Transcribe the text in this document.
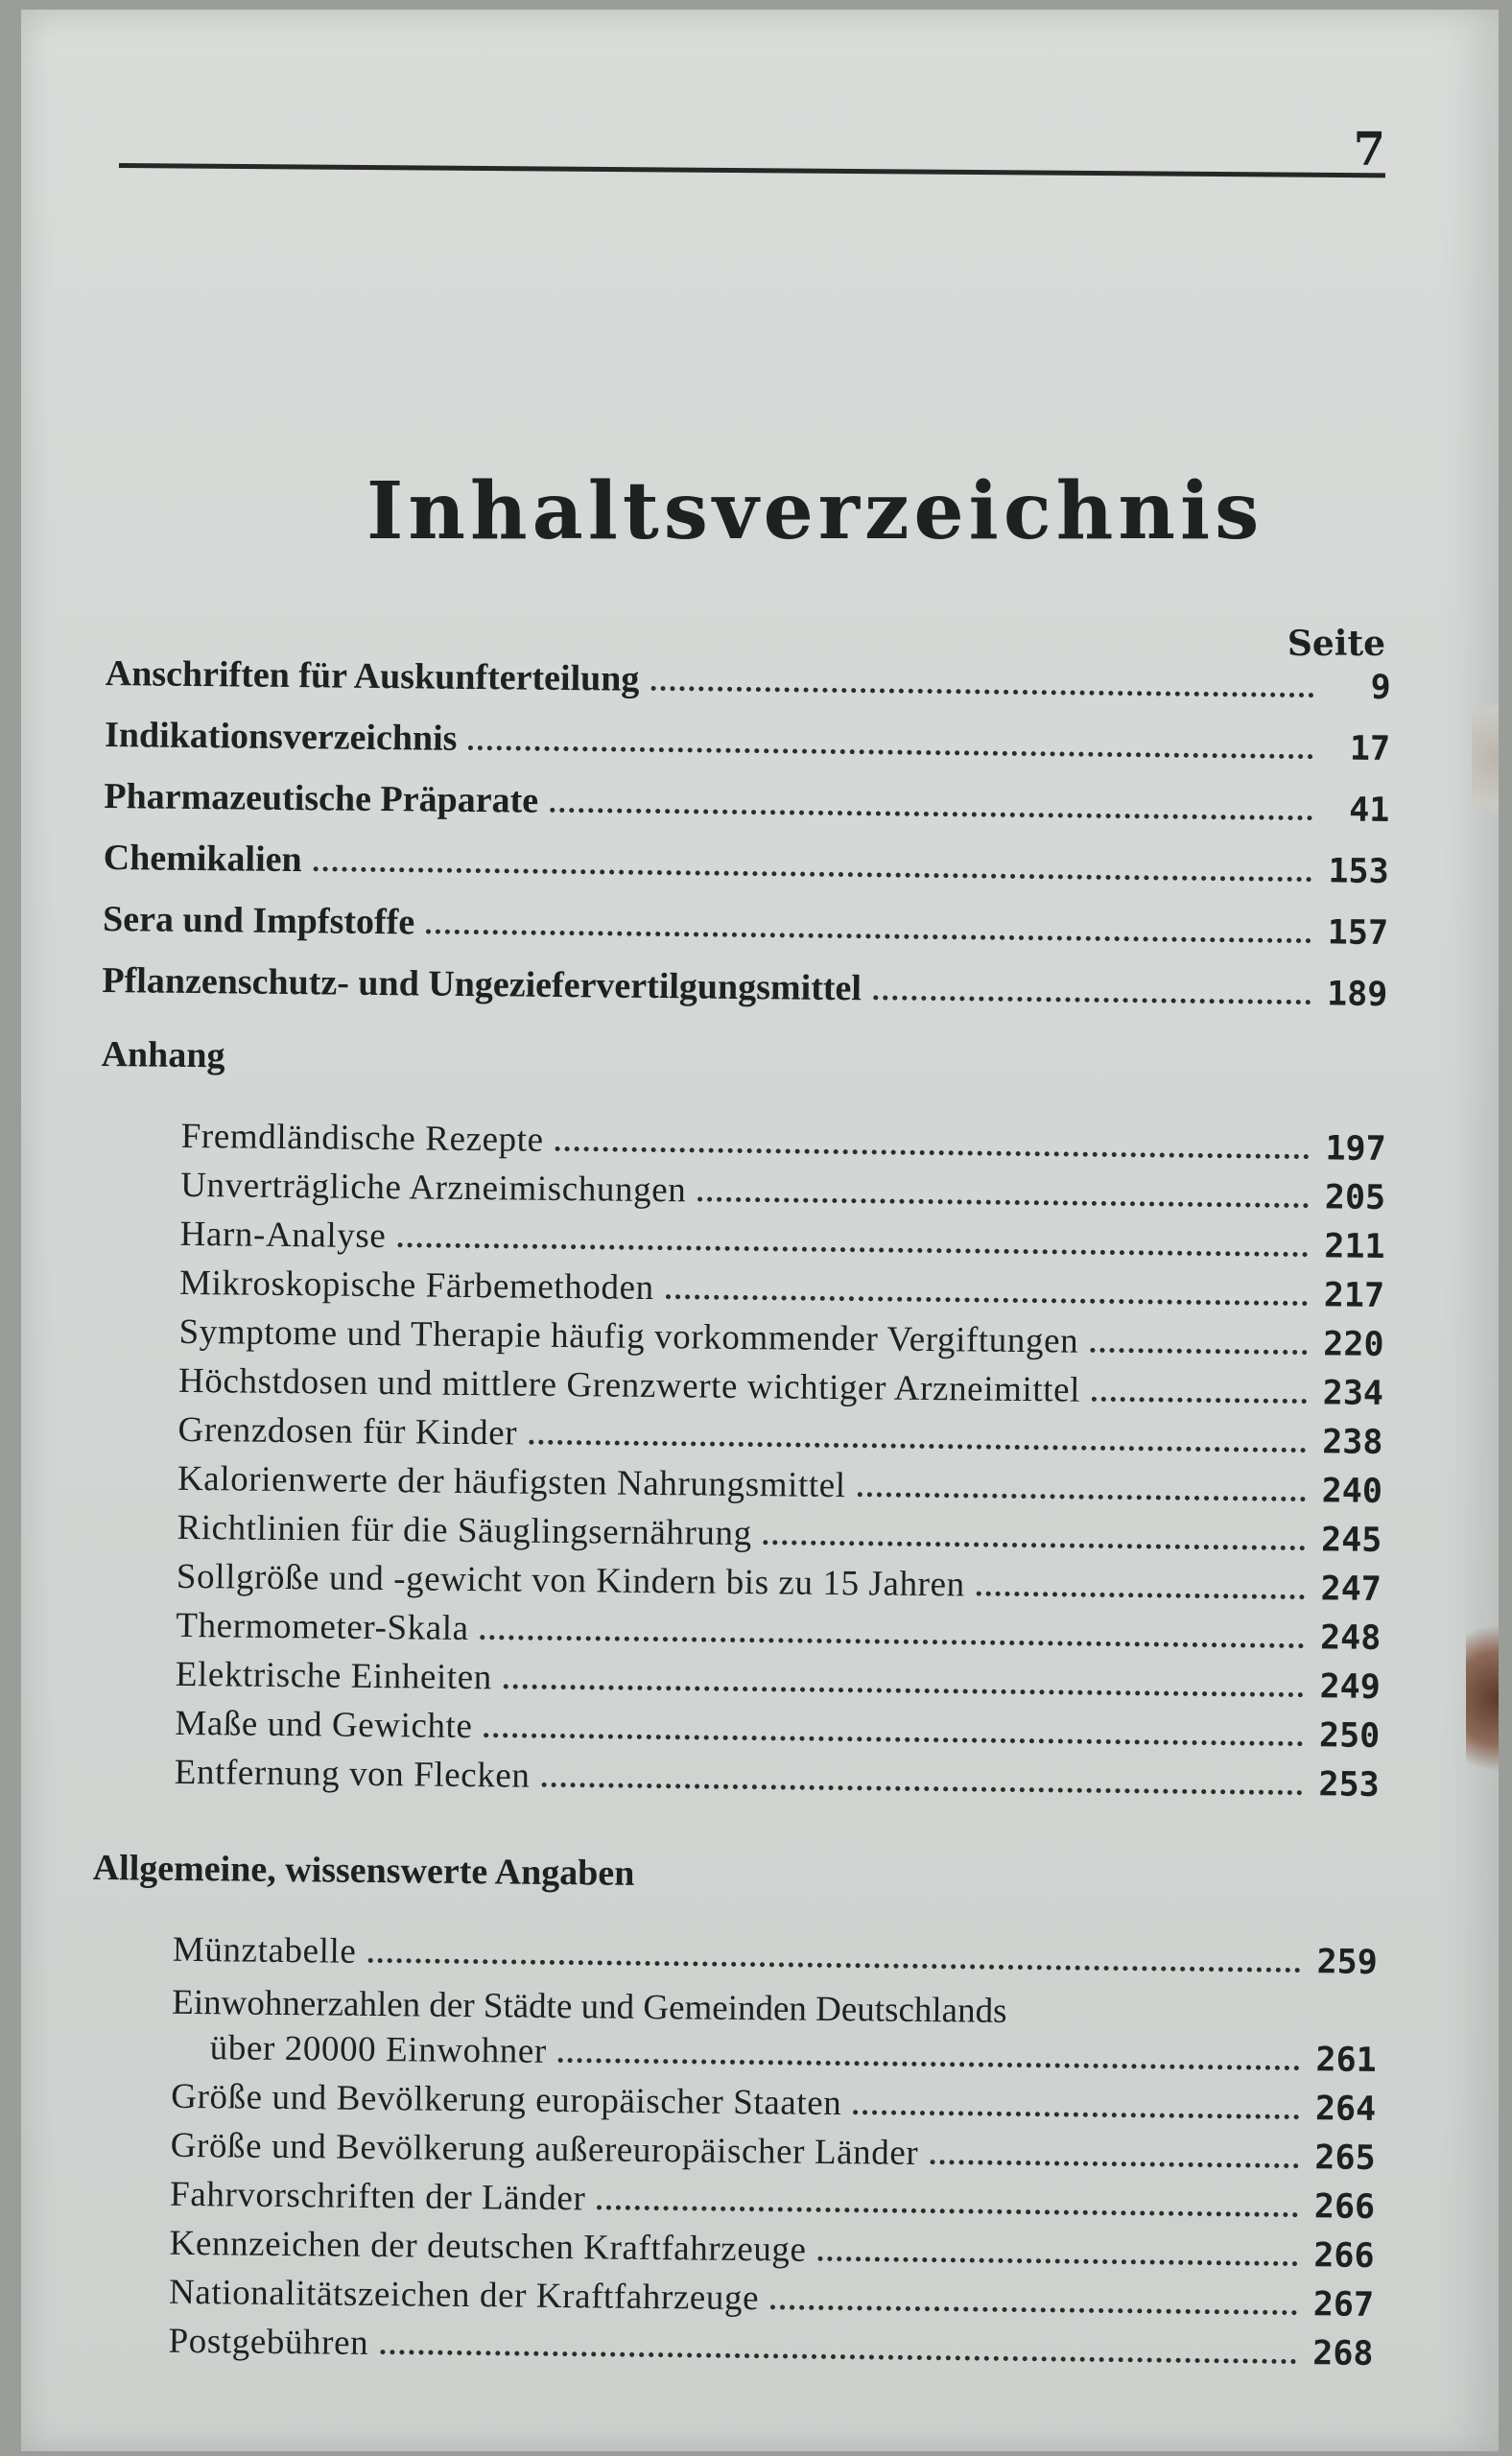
7
Inhaltsverzeichnis
Seite
Anschriften für Auskunfterteilung	9
Indikationsverzeichnis	17
Pharmazeutische Präparate	41
Chemikalien	153
Sera und Impfstoffe	157
Pflanzenschutz- und Ungeziefervertilgungsmittel	189
Anhang
Fremdländische Rezepte	197
Unverträgliche Arzneimischungen	205
Harn-Analyse	211
Mikroskopische Färbemethoden	217
Symptome und Therapie häufig vorkommender Vergiftungen	220
Höchstdosen und mittlere Grenzwerte wichtiger Arzneimittel	234
Grenzdosen für Kinder	238
Kalorienwerte der häufigsten Nahrungsmittel	240
Richtlinien für die Säuglingsernährung	245
Sollgröße und -gewicht von Kindern bis zu 15 Jahren	247
Thermometer-Skala	248
Elektrische Einheiten	249
Maße und Gewichte	250
Entfernung von Flecken	253
Allgemeine, wissenswerte Angaben
Münztabelle	259
Einwohnerzahlen der Städte und Gemeinden Deutschlands
über 20000 Einwohner	261
Größe und Bevölkerung europäischer Staaten	264
Größe und Bevölkerung außereuropäischer Länder	265
Fahrvorschriften der Länder	266
Kennzeichen der deutschen Kraftfahrzeuge	266
Nationalitätszeichen der Kraftfahrzeuge	267
Postgebühren	268
